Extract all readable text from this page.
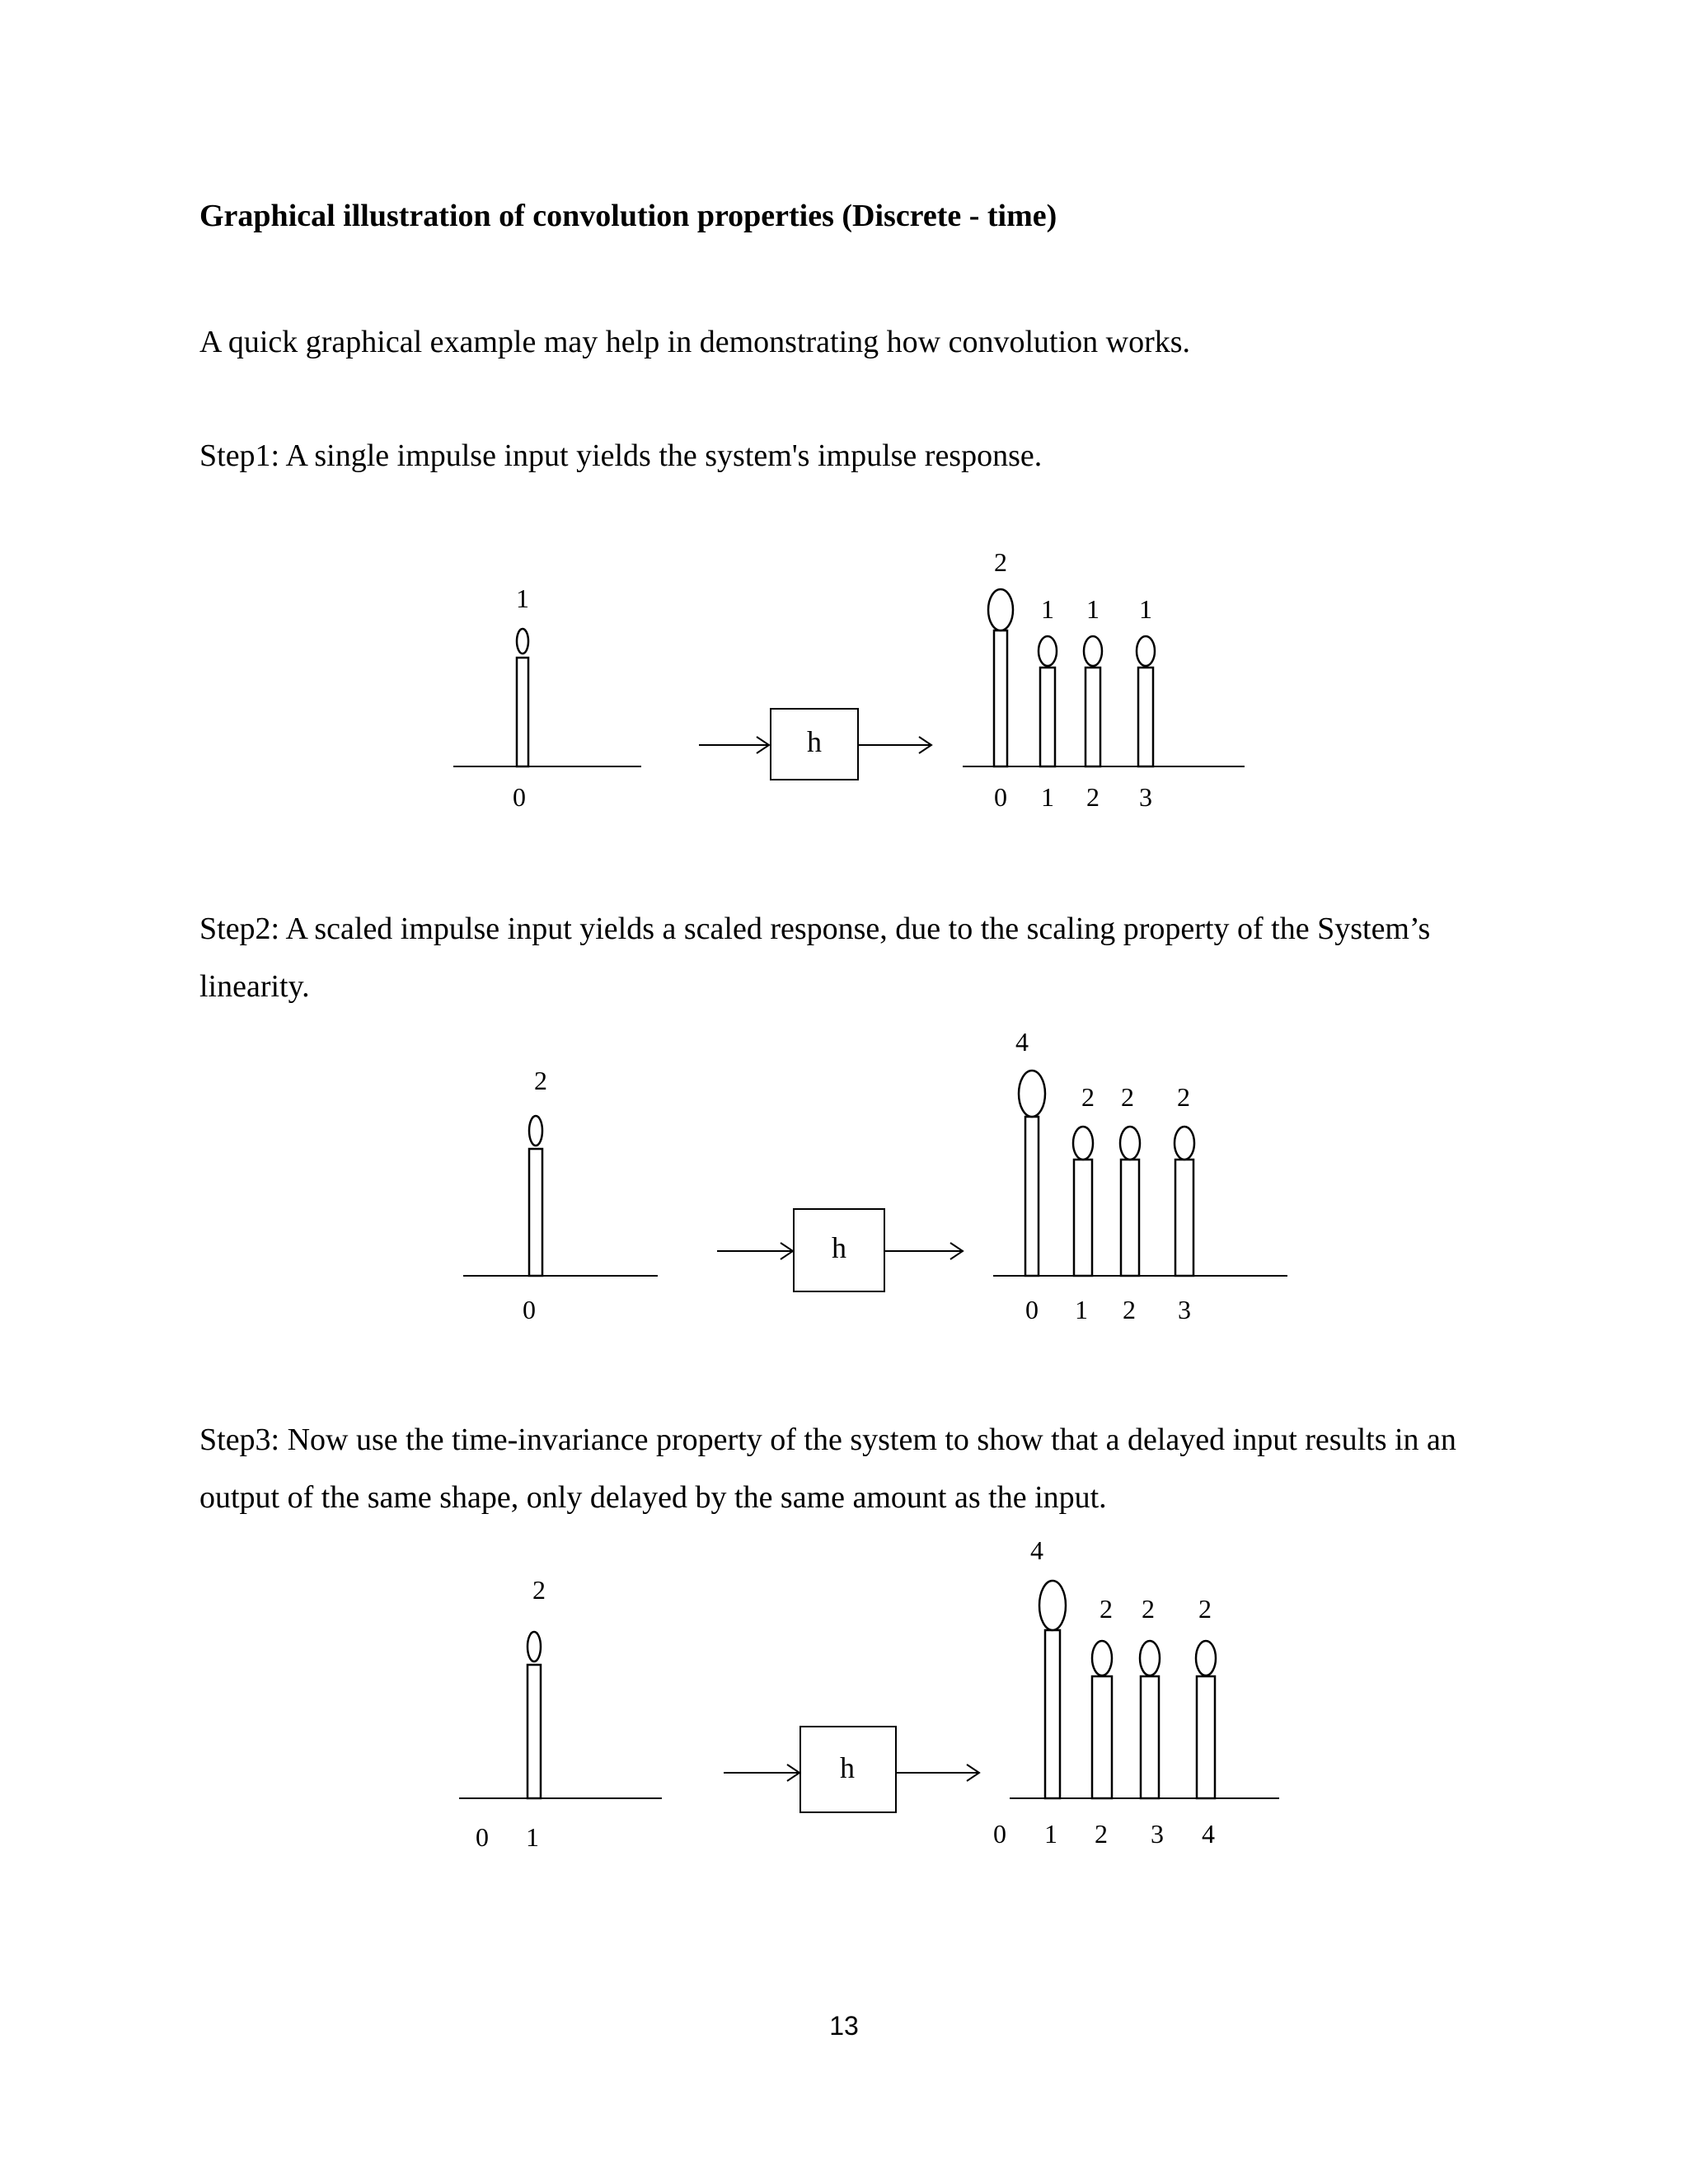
Graphical illustration of convolution properties (Discrete - time)
A quick graphical example may help in demonstrating how convolution works.
Step1: A single impulse input yields the system's impulse response.
Step2: A scaled impulse input yields a scaled response, due to the scaling property of the System’s linearity.
Step3: Now use the time-invariance property of the system to show that a delayed input results in an output of the same shape, only delayed by the same amount as the input.
1
0
h
2
1 1 1
0 1 2 3
2
0
h
4
2 2 2
0 1 2 3
2
0 1
h
4
2 2 2
0 1 2 3 4
13
